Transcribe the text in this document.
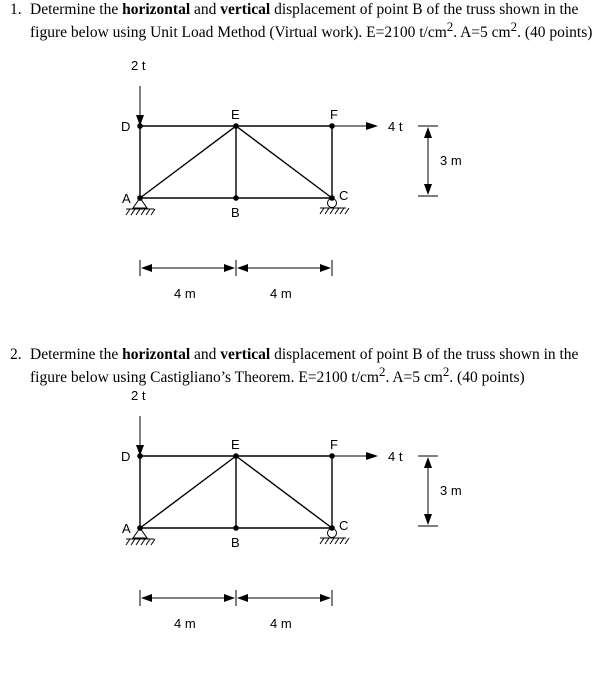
1. Determine the horizontal and vertical displacement of point B of the truss shown in the figure below using Unit Load Method (Virtual work). E=2100 $t/cm^2$. A=5 $cm^2$. (40 points)
2 t
4 t
D
E	F
A
B
C
3 m
4 m	4 m
2. Determine the horizontal and vertical displacement of point B of the truss shown in the figure below using Castigliano’s Theorem. E=2100 $t/cm^2$. A=5 $cm^2$. (40 points)
2 t
4 t
D
E	F
A
B
C
3 m
4 m	4 m
